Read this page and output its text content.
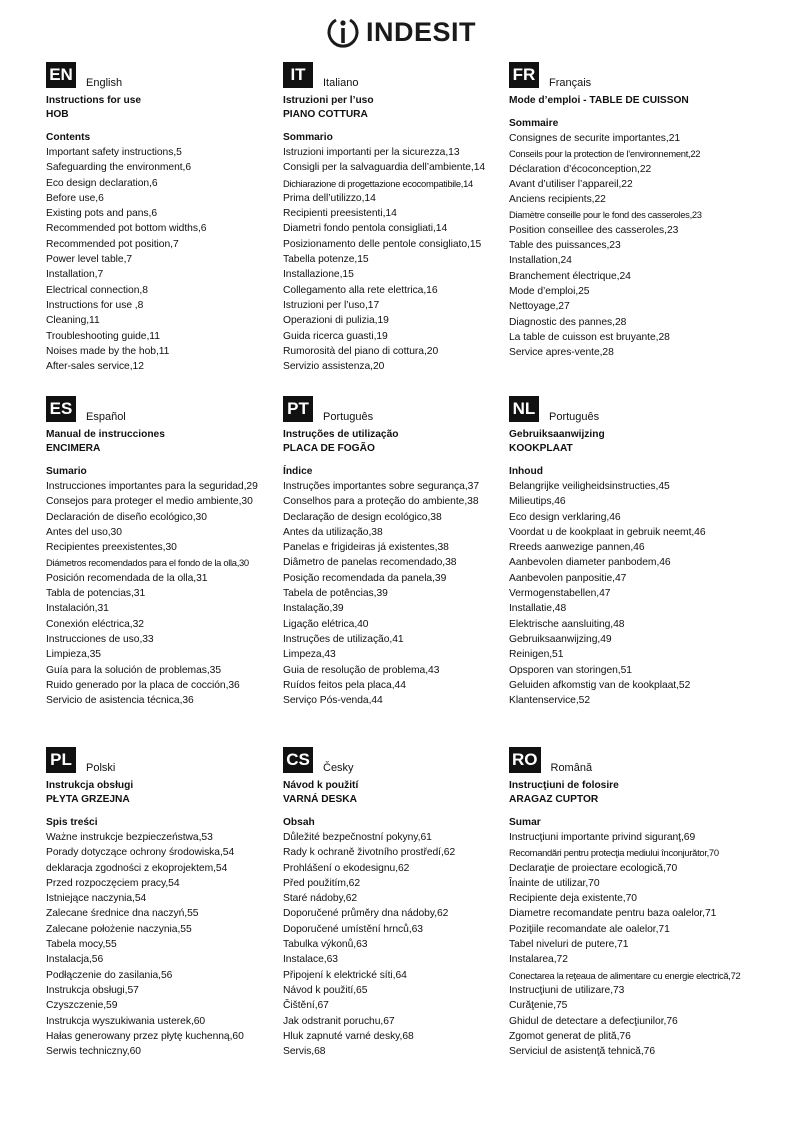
INDESIT
EN English
Instructions for use
HOB
Contents
Important safety instructions,5
Safeguarding the environment,6
Eco design declaration,6
Before use,6
Existing pots and pans,6
Recommended pot bottom widths,6
Recommended pot position,7
Power level table,7
Installation,7
Electrical connection,8
Instructions for use ,8
Cleaning,11
Troubleshooting guide,11
Noises made by the hob,11
After-sales service,12
IT	Italiano
Istruzioni per l’uso
PIANO COTTURA
Sommario
Istruzioni importanti per la sicurezza,13
Consigli per la salvaguardia dell’ambiente,14
Dichiarazione di progettazione ecocompatibile,14
Prima dell’utilizzo,14
Recipienti preesistenti,14
Diametri fondo pentola consigliati,14
Posizionamento delle pentole consigliato,15
Tabella potenze,15
Installazione,15
Collegamento alla rete elettrica,16
Istruzioni per l’uso,17
Operazioni di pulizia,19
Guida ricerca guasti,19
Rumorosità del piano di cottura,20
Servizio assistenza,20
FR	Français
Mode d’emploi - TABLE DE CUISSON
Sommaire
Consignes de securite importantes,21
Conseils pour la protection de l’environnement,22
Déclaration d’écoconception,22
Avant d’utiliser l’appareil,22
Anciens recipients,22
Diamètre conseille pour le fond des casseroles,23
Position conseillee des casseroles,23
Table des puissances,23
Installation,24
Branchement électrique,24
Mode d’emploi,25
Nettoyage,27
Diagnostic des pannes,28
La table de cuisson est bruyante,28
Service apres-vente,28
ES	Español
Manual de instrucciones
ENCIMERA
Sumario
Instrucciones importantes para la seguridad,29
Consejos para proteger el medio ambiente,30
Declaración de diseño ecológico,30
Antes del uso,30
Recipientes preexistentes,30
Diámetros recomendados para el fondo de la olla,30
Posición recomendada de la olla,31
Tabla de potencias,31
Instalación,31
Conexión eléctrica,32
Instrucciones de uso,33
Limpieza,35
Guía para la solución de problemas,35
Ruido generado por la placa de cocción,36
Servicio de asistencia técnica,36
PT	Português
Instruções de utilização
PLACA DE FOGÃO
Índice
Instruções importantes sobre segurança,37
Conselhos para a proteção do ambiente,38
Declaração de design ecológico,38
Antes da utilização,38
Panelas e frigideiras já existentes,38
Diâmetro de panelas recomendado,38
Posição recomendada da panela,39
Tabela de potências,39
Instalação,39
Ligação elétrica,40
Instruções de utilização,41
Limpeza,43
Guia de resolução de problema,43
Ruídos feitos pela placa,44
Serviço Pós-venda,44
NL	Português
Gebruiksaanwijzing
KOOKPLAAT
Inhoud
Belangrijke veiligheidsinstructies,45
Milieutips,46
Eco design verklaring,46
Voordat u de kookplaat in gebruik neemt,46
Rreeds aanwezige pannen,46
Aanbevolen diameter panbodem,46
Aanbevolen panpositie,47
Vermogenstabellen,47
Installatie,48
Elektrische aansluiting,48
Gebruiksaanwijzing,49
Reinigen,51
Opsporen van storingen,51
Geluiden afkomstig van de kookplaat,52
Klantenservice,52
PL	Polski
Instrukcja obsługi
PŁYTA GRZEJNA
Spis treści
Ważne instrukcje bezpieczeństwa,53
Porady dotyczące ochrony środowiska,54
deklaracja zgodności z ekoprojektem,54
Przed rozpoczęciem pracy,54
Istniejące naczynia,54
Zalecane średnice dna naczyń,55
Zalecane położenie naczynia,55
Tabela mocy,55
Instalacja,56
Podłączenie do zasilania,56
Instrukcja obsługi,57
Czyszczenie,59
Instrukcja wyszukiwania usterek,60
Hałas generowany przez płytę kuchenną,60
Serwis techniczny,60
CS Česky
Návod k použití
VARNÁ DESKA
Obsah
Důležité bezpečnostní pokyny,61
Rady k ochraně životního prostředí,62
Prohlášení o ekodesignu,62
Před použitím,62
Staré nádoby,62
Doporučené průměry dna nádoby,62
Doporučené umístění hrnců,63
Tabulka výkonů,63
Instalace,63
Připojení k elektrické síti,64
Návod k použití,65
Čištění,67
Jak odstranit poruchu,67
Hluk zapnuté varné desky,68
Servis,68
RO Română
Instrucţiuni de folosire
ARAGAZ CUPTOR
Sumar
Instrucţiuni importante privind siguranţ,69
Recomandări pentru protecţia mediului înconjurător,70
Declaraţie de proiectare ecologică,70
Înainte de utilizar,70
Recipiente deja existente,70
Diametre recomandate pentru baza oalelor,71
Poziţiile recomandate ale oalelor,71
Tabel niveluri de putere,71
Instalarea,72
Conectarea la reţeaua de alimentare cu energie electrică,72
Instrucţiuni de utilizare,73
Curăţenie,75
Ghidul de detectare a defecţiunilor,76
Zgomot generat de plită,76
Serviciul de asistenţă tehnică,76
